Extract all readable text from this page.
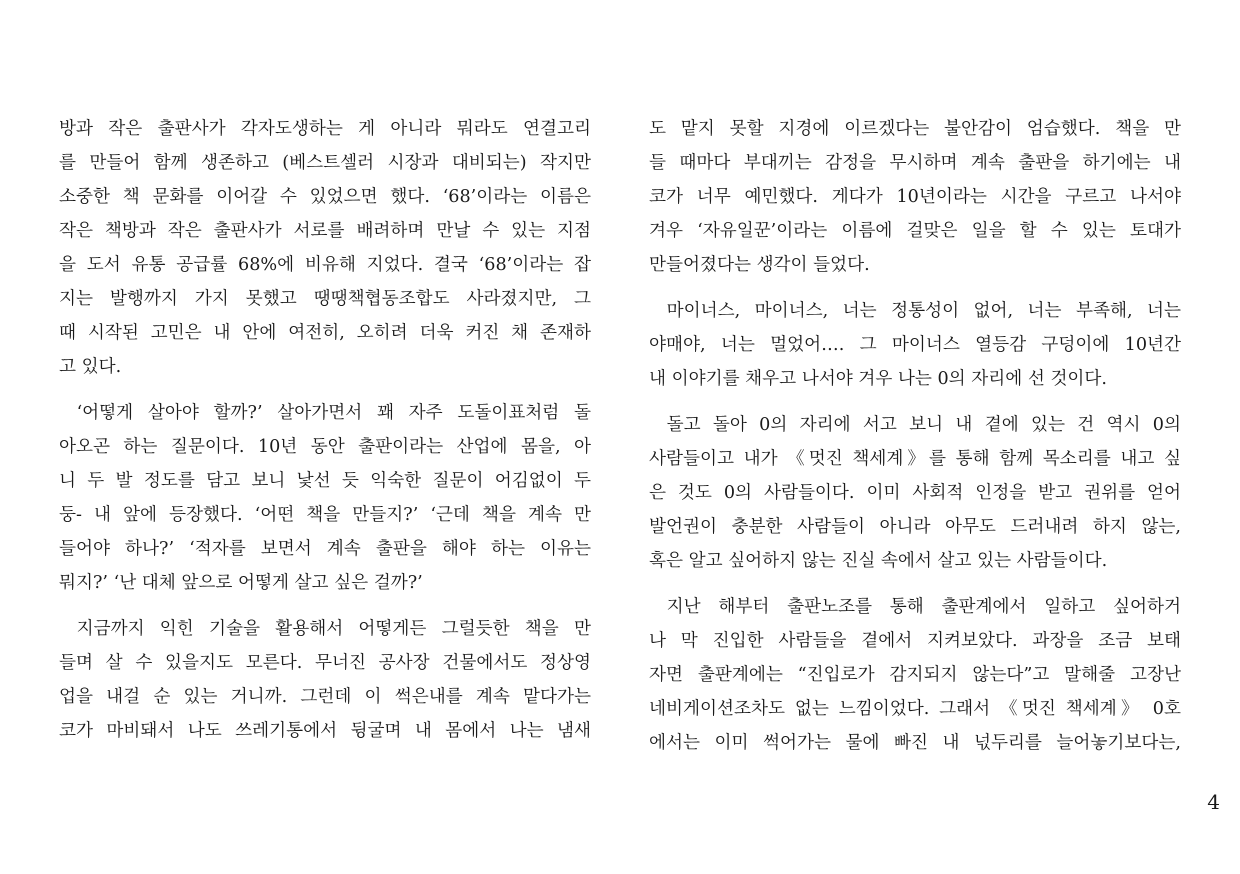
방과 작은 출판사가 각자도생하는 게 아니라 뭐라도 연결고리
를 만들어 함께 생존하고 (베스트셀러 시장과 대비되는) 작지만
소중한 책 문화를 이어갈 수 있었으면 했다. ‘68’이라는 이름은
작은 책방과 작은 출판사가 서로를 배려하며 만날 수 있는 지점
을 도서 유통 공급률 68%에 비유해 지었다. 결국 ‘68’이라는 잡
지는 발행까지 가지 못했고 땡땡책협동조합도 사라졌지만, 그
때 시작된 고민은 내 안에 여전히, 오히려 더욱 커진 채 존재하
고 있다.
‘어떻게 살아야 할까?’ 살아가면서 꽤 자주 도돌이표처럼 돌
아오곤 하는 질문이다. 10년 동안 출판이라는 산업에 몸을, 아
니 두 발 정도를 담고 보니 낯선 듯 익숙한 질문이 어김없이 두
둥- 내 앞에 등장했다. ‘어떤 책을 만들지?’ ‘근데 책을 계속 만
들어야 하나?’ ‘적자를 보면서 계속 출판을 해야 하는 이유는
뭐지?’ ‘난 대체 앞으로 어떻게 살고 싶은 걸까?’
지금까지 익힌 기술을 활용해서 어떻게든 그럴듯한 책을 만
들며 살 수 있을지도 모른다. 무너진 공사장 건물에서도 정상영
업을 내걸 순 있는 거니까. 그런데 이 썩은내를 계속 맡다가는
코가 마비돼서 나도 쓰레기통에서 뒹굴며 내 몸에서 나는 냄새
도 맡지 못할 지경에 이르겠다는 불안감이 엄습했다. 책을 만
들 때마다 부대끼는 감정을 무시하며 계속 출판을 하기에는 내
코가 너무 예민했다. 게다가 10년이라는 시간을 구르고 나서야
겨우 ‘자유일꾼’이라는 이름에 걸맞은 일을 할 수 있는 토대가
만들어졌다는 생각이 들었다.
마이너스, 마이너스, 너는 정통성이 없어, 너는 부족해, 너는
야매야, 너는 멀었어…. 그 마이너스 열등감 구덩이에 10년간
내 이야기를 채우고 나서야 겨우 나는 0의 자리에 선 것이다.
돌고 돌아 0의 자리에 서고 보니 내 곁에 있는 건 역시 0의
사람들이고 내가 《멋진 책세계》를 통해 함께 목소리를 내고 싶
은 것도 0의 사람들이다. 이미 사회적 인정을 받고 권위를 얻어
발언권이 충분한 사람들이 아니라 아무도 드러내려 하지 않는,
혹은 알고 싶어하지 않는 진실 속에서 살고 있는 사람들이다.
지난 해부터 출판노조를 통해 출판계에서 일하고 싶어하거
나 막 진입한 사람들을 곁에서 지켜보았다. 과장을 조금 보태
자면 출판계에는 “진입로가 감지되지 않는다”고 말해줄 고장난
네비게이션조차도 없는 느낌이었다. 그래서 《멋진 책세계》 0호
에서는 이미 썩어가는 물에 빠진 내 넋두리를 늘어놓기보다는,
4
